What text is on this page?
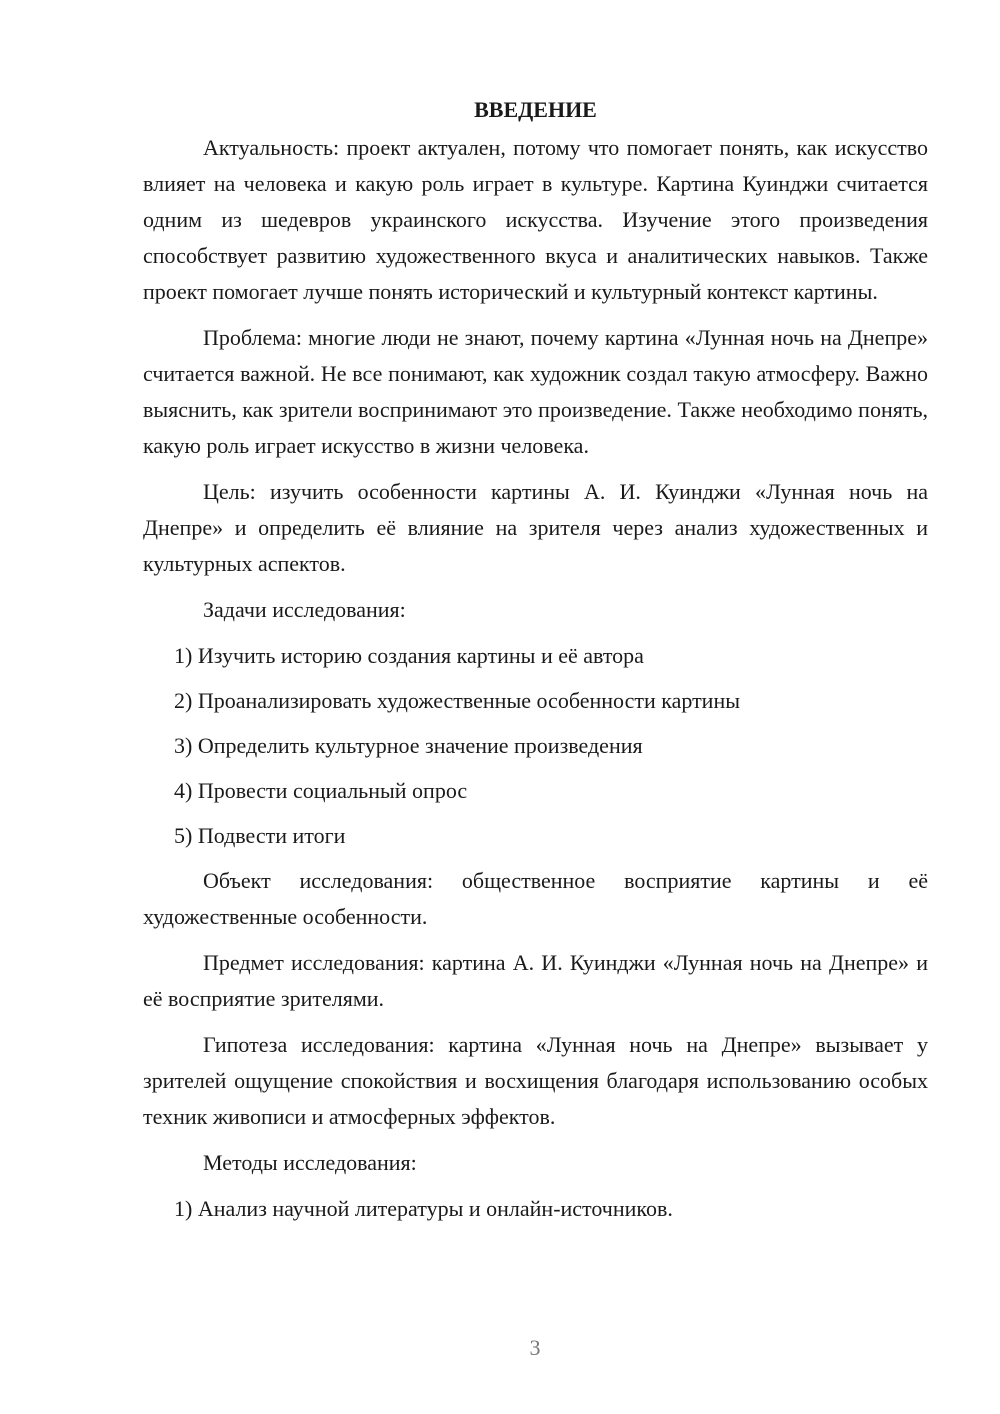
ВВЕДЕНИЕ

Актуальность: проект актуален, потому что помогает понять, как искусство влияет на человека и какую роль играет в культуре. Картина Куинджи считается одним из шедевров украинского искусства. Изучение этого произведения способствует развитию художественного вкуса и аналитических навыков. Также проект помогает лучше понять исторический и культурный контекст картины.

Проблема: многие люди не знают, почему картина «Лунная ночь на Днепре» считается важной. Не все понимают, как художник создал такую атмосферу. Важно выяснить, как зрители воспринимают это произведение. Также необходимо понять, какую роль играет искусство в жизни человека.

Цель: изучить особенности картины А. И. Куинджи «Лунная ночь на Днепре» и определить её влияние на зрителя через анализ художественных и культурных аспектов.

Задачи исследования:

1) Изучить историю создания картины и её автора
2) Проанализировать художественные особенности картины
3) Определить культурное значение произведения
4) Провести социальный опрос
5) Подвести итоги

Объект исследования: общественное восприятие картины и её художественные особенности.

Предмет исследования: картина А. И. Куинджи «Лунная ночь на Днепре» и её восприятие зрителями.

Гипотеза исследования: картина «Лунная ночь на Днепре» вызывает у зрителей ощущение спокойствия и восхищения благодаря использованию особых техник живописи и атмосферных эффектов.

Методы исследования:

1) Анализ научной литературы и онлайн-источников.
3
